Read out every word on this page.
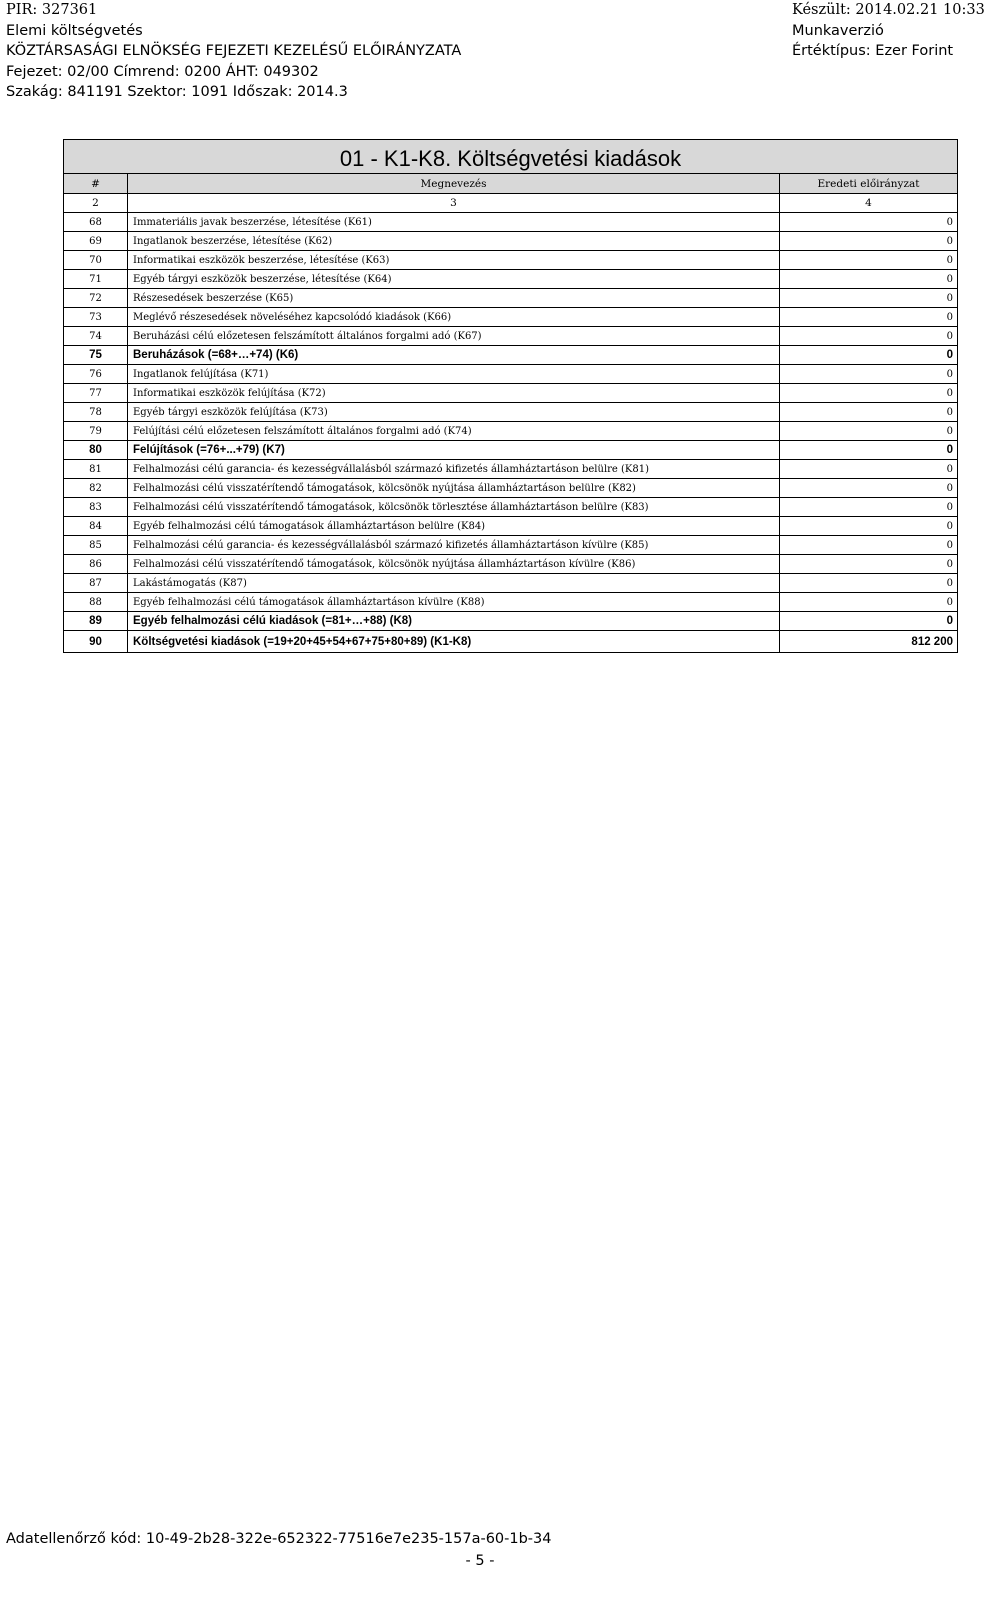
PIR: 327361
Elemi költségvetés
KÖZTÁRSASÁGI ELNÖKSÉG FEJEZETI KEZELÉSŰ ELŐIRÁNYZATA
Fejezet: 02/00 Címrend: 0200 ÁHT: 049302
Szakág: 841191 Szektor: 1091 Időszak: 2014.3
Készült: 2014.02.21 10:33
Munkaverzió
Értéktípus: Ezer Forint
01 - K1-K8. Költségvetési kiadások		
#	Megnevezés	Eredeti előirányzat
2	3	4
68	Immateriális javak beszerzése, létesítése (K61)	0
69	Ingatlanok beszerzése, létesítése (K62)	0
70	Informatikai eszközök beszerzése, létesítése (K63)	0
71	Egyéb tárgyi eszközök beszerzése, létesítése (K64)	0
72	Részesedések beszerzése (K65)	0
73	Meglévő részesedések növeléséhez kapcsolódó kiadások (K66)	0
74	Beruházási célú előzetesen felszámított általános forgalmi adó (K67)	0
75	Beruházások (=68+…+74) (K6)	0
76	Ingatlanok felújítása (K71)	0
77	Informatikai eszközök felújítása (K72)	0
78	Egyéb tárgyi eszközök felújítása (K73)	0
79	Felújítási célú előzetesen felszámított általános forgalmi adó (K74)	0
80	Felújítások (=76+...+79) (K7)	0
81	Felhalmozási célú garancia- és kezességvállalásból származó kifizetés államháztartáson belülre (K81)	0
82	Felhalmozási célú visszatérítendő támogatások, kölcsönök nyújtása államháztartáson belülre (K82)	0
83	Felhalmozási célú visszatérítendő támogatások, kölcsönök törlesztése államháztartáson belülre (K83)	0
84	Egyéb felhalmozási célú támogatások államháztartáson belülre (K84)	0
85	Felhalmozási célú garancia- és kezességvállalásból származó kifizetés államháztartáson kívülre (K85)	0
86	Felhalmozási célú visszatérítendő támogatások, kölcsönök nyújtása államháztartáson kívülre (K86)	0
87	Lakástámogatás (K87)	0
88	Egyéb felhalmozási célú támogatások államháztartáson kívülre (K88)	0
89	Egyéb felhalmozási célú kiadások (=81+…+88) (K8)	0
90	Költségvetési kiadások (=19+20+45+54+67+75+80+89) (K1-K8)	812 200
Adatellenőrző kód: 10-49-2b28-322e-652322-77516e7e235-157a-60-1b-34
- 5 -
